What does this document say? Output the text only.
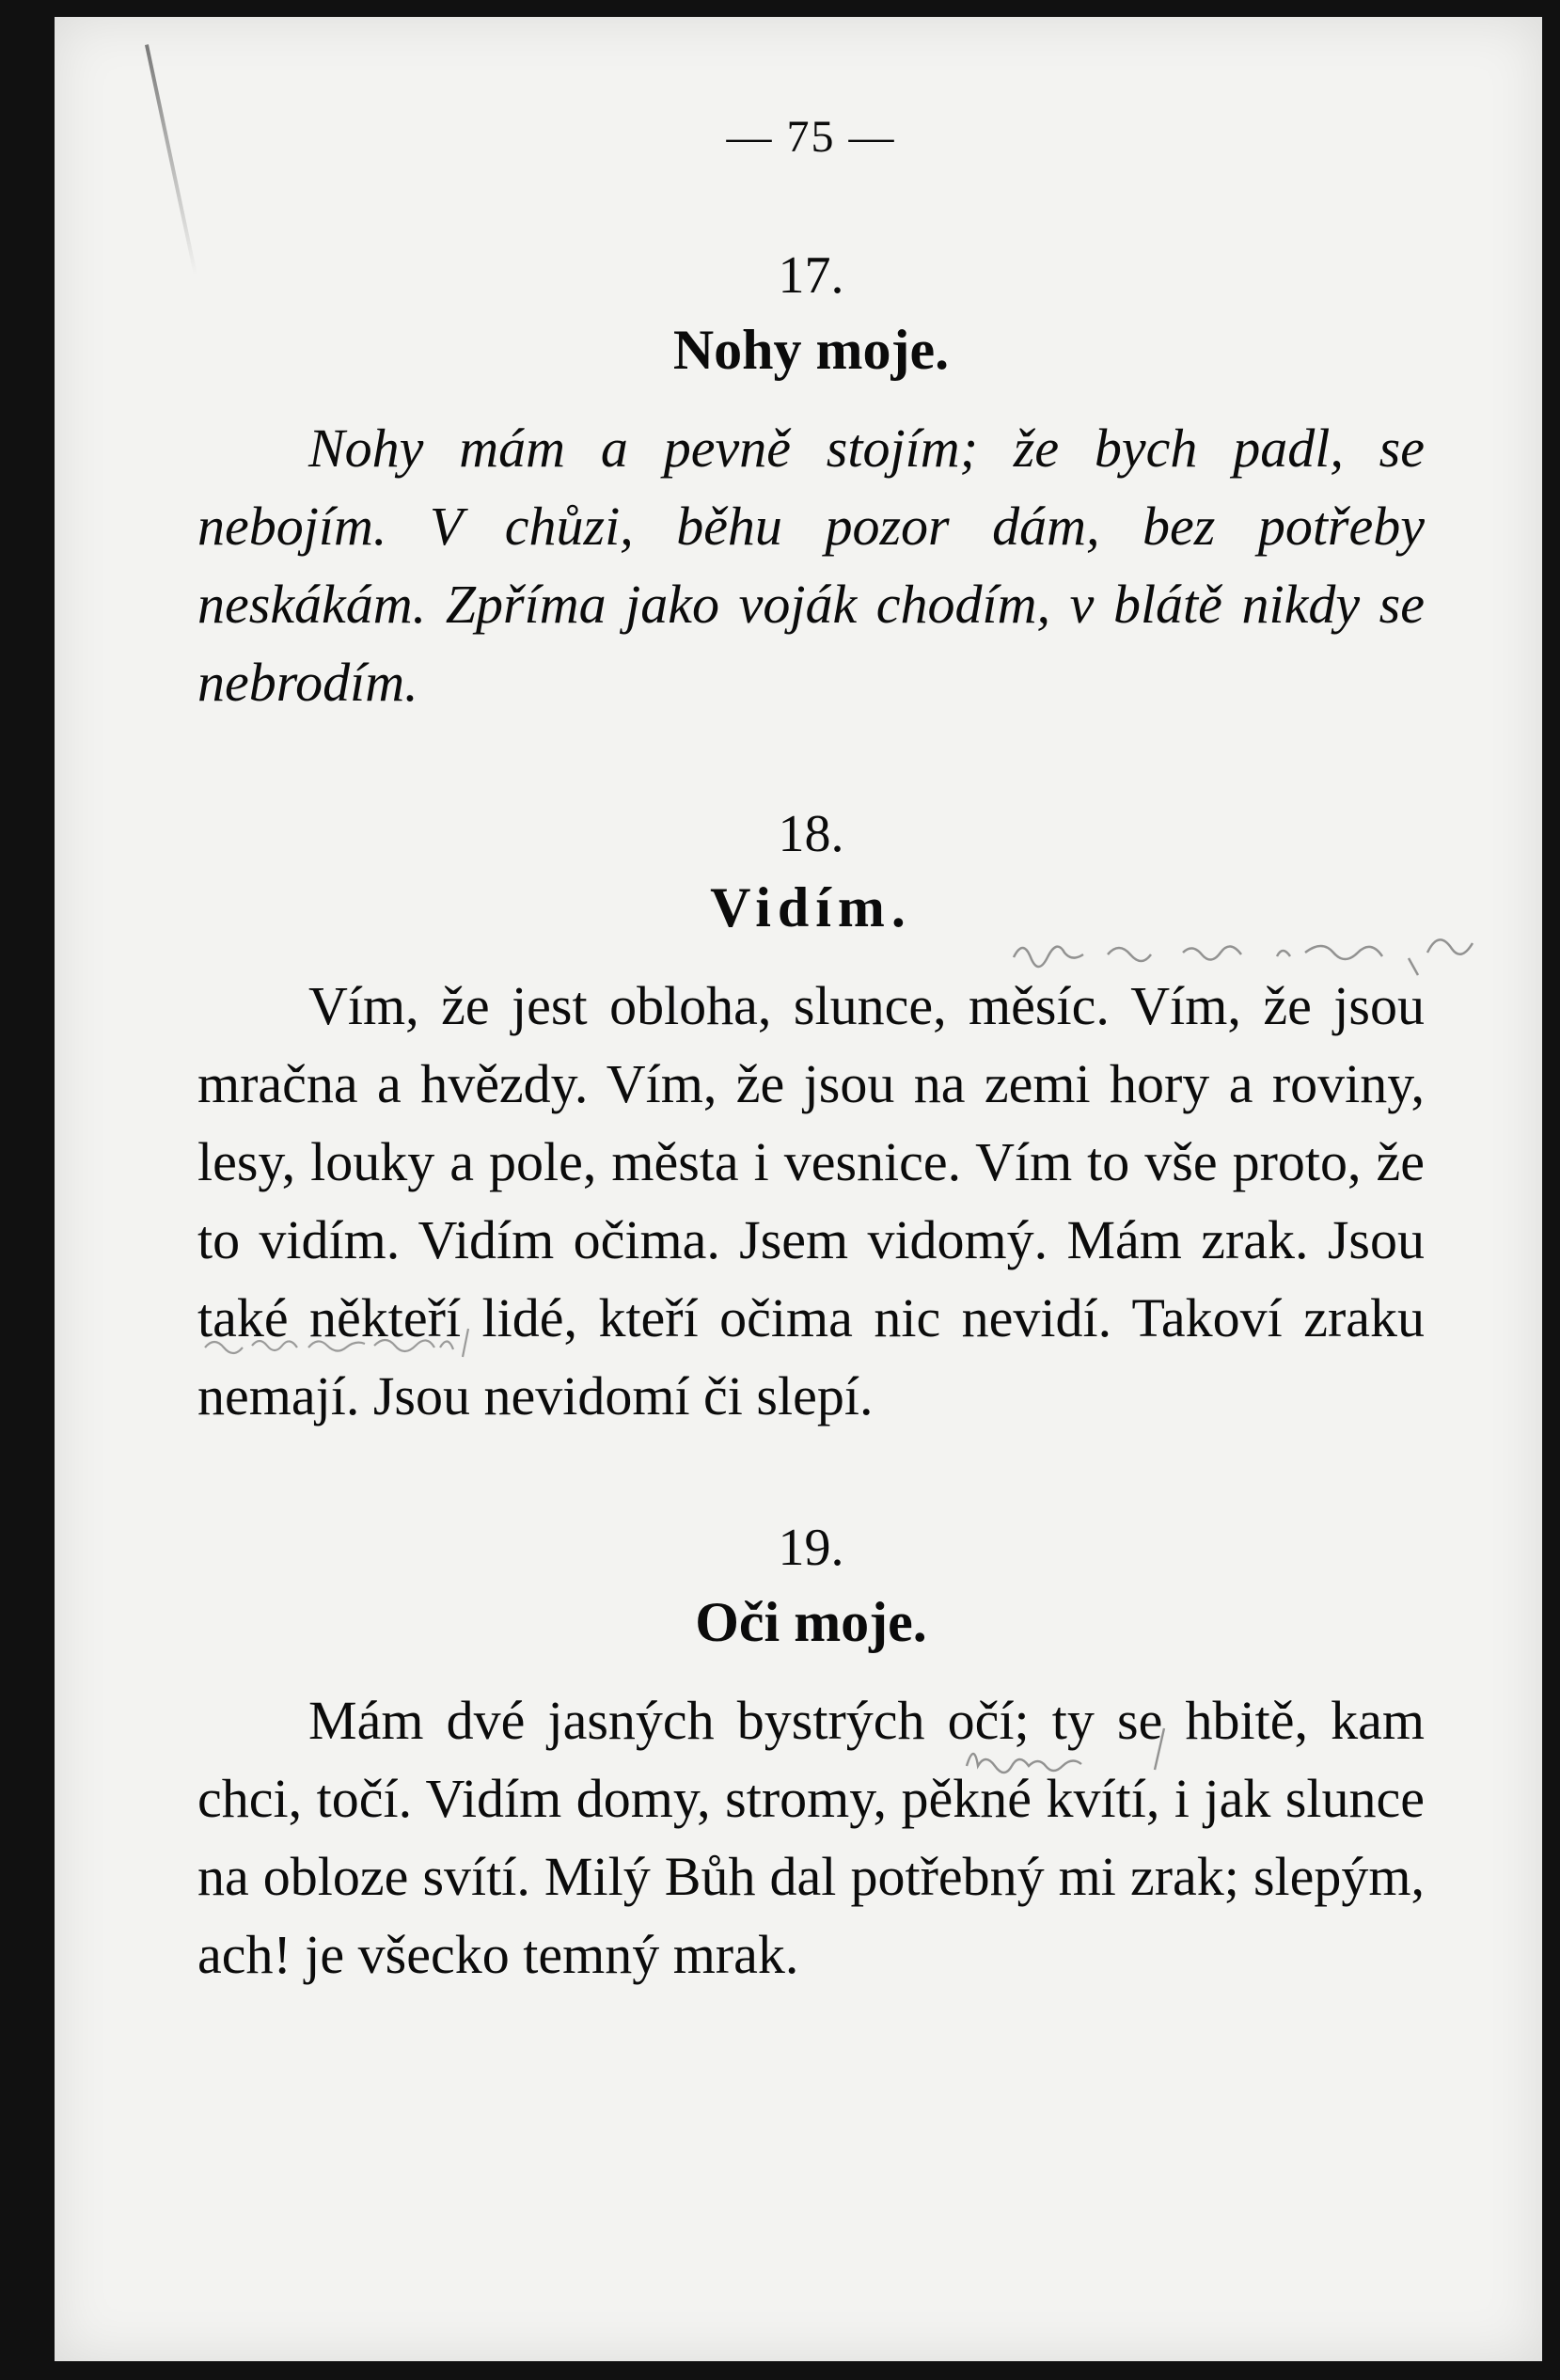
— 75 —

17.

Nohy moje.

Nohy mám a pevně stojím; že bych padl, se nebojím. V chůzi, běhu pozor dám, bez potřeby neskákám. Zpříma jako voják chodím, v blátě nikdy se nebrodím.

18.

Vidím.

Vím, že jest obloha, slunce, měsíc. Vím, že jsou mračna a hvězdy. Vím, že jsou na zemi hory a roviny, lesy, louky a pole, města i vesnice. Vím to vše proto, že to vidím. Vidím očima. Jsem vidomý. Mám zrak. Jsou také někteří lidé, kteří očima nic nevidí. Takoví zraku nemají. Jsou nevidomí či slepí.

19.

Oči moje.

Mám dvé jasných bystrých očí; ty se hbitě, kam chci, točí. Vidím domy, stromy, pěkné kvítí, i jak slunce na obloze svítí. Milý Bůh dal potřebný mi zrak; slepým, ach! je všecko temný mrak.
